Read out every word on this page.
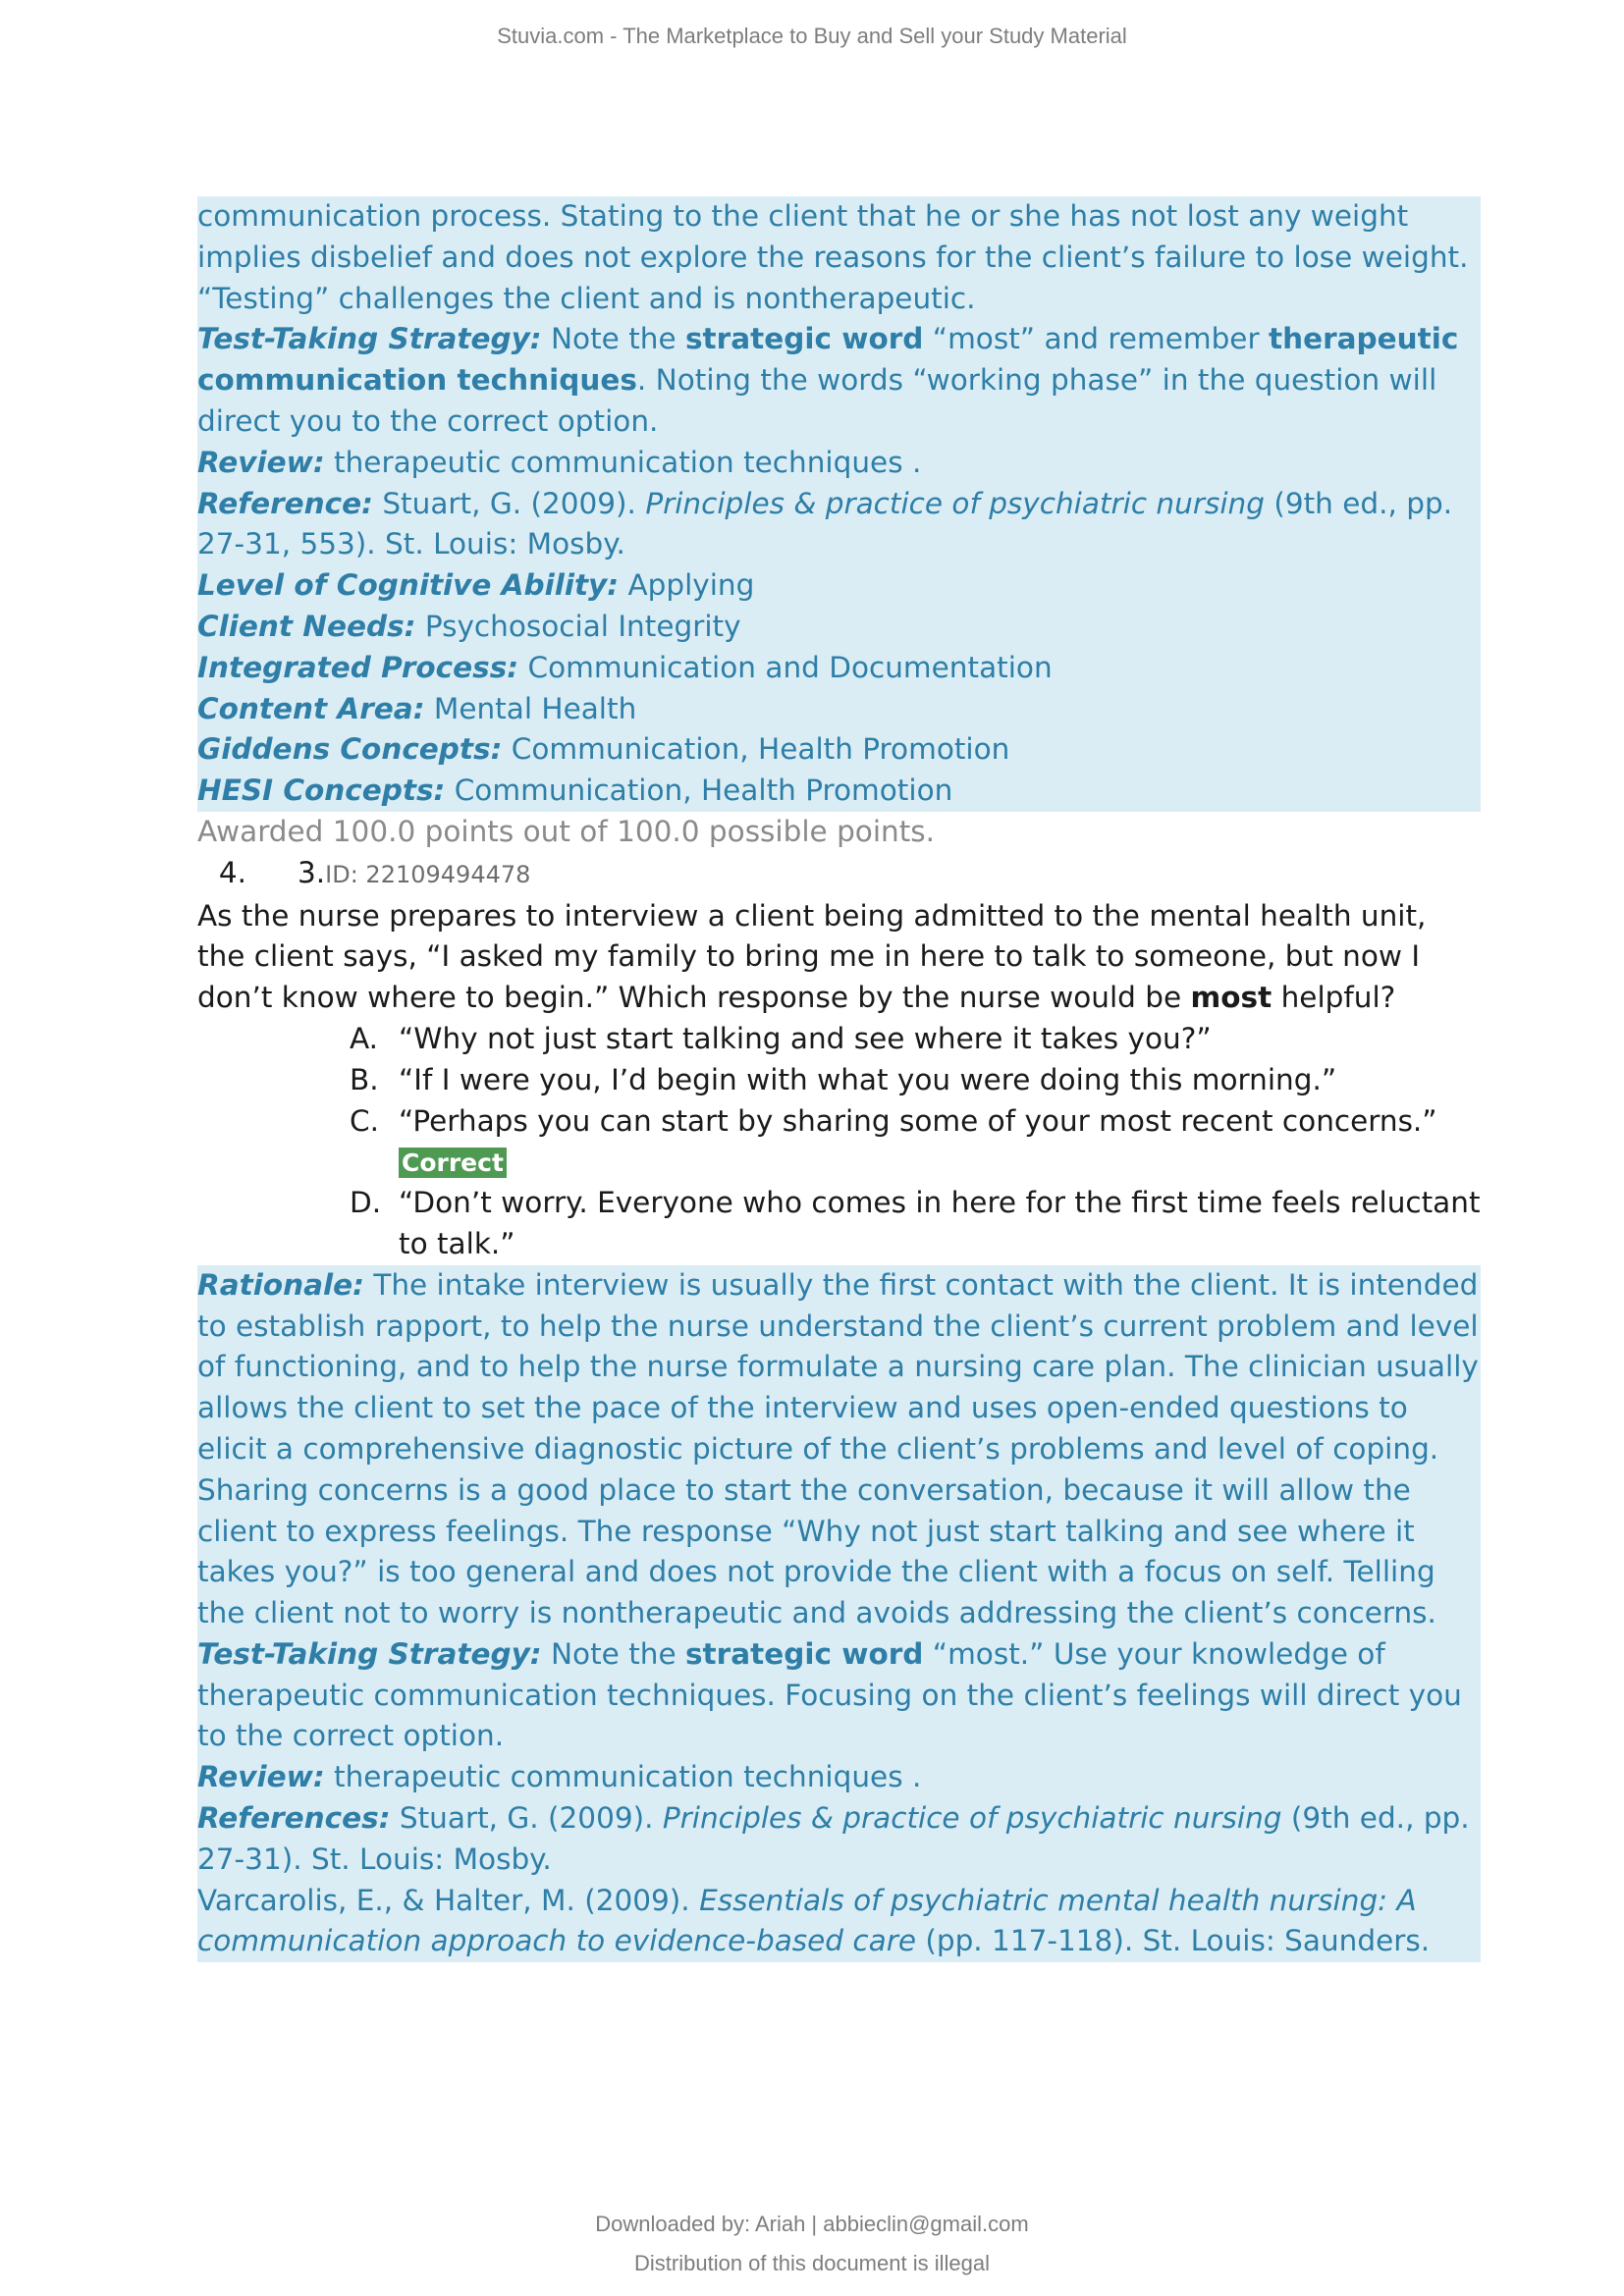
Stuvia.com - The Marketplace to Buy and Sell your Study Material

communication process. Stating to the client that he or she has not lost any weight implies disbelief and does not explore the reasons for the client’s failure to lose weight. “Testing” challenges the client and is nontherapeutic.

Test-Taking Strategy: Note the strategic word “most” and remember therapeutic communication techniques. Noting the words “working phase” in the question will direct you to the correct option.

Review: therapeutic communication techniques .

Reference: Stuart, G. (2009). Principles & practice of psychiatric nursing (9th ed., pp. 27-31, 553). St. Louis: Mosby.

Level of Cognitive Ability: Applying

Client Needs: Psychosocial Integrity

Integrated Process: Communication and Documentation

Content Area: Mental Health

Giddens Concepts: Communication, Health Promotion

HESI Concepts: Communication, Health Promotion

Awarded 100.0 points out of 100.0 possible points.

4. 3.ID: 22109494478

As the nurse prepares to interview a client being admitted to the mental health unit, the client says, “I asked my family to bring me in here to talk to someone, but now I don’t know where to begin.” Which response by the nurse would be most helpful?

A. “Why not just start talking and see where it takes you?”
B. “If I were you, I’d begin with what you were doing this morning.”
C. “Perhaps you can start by sharing some of your most recent concerns.” Correct
D. “Don’t worry. Everyone who comes in here for the first time feels reluctant to talk.”

Rationale: The intake interview is usually the first contact with the client. It is intended to establish rapport, to help the nurse understand the client’s current problem and level of functioning, and to help the nurse formulate a nursing care plan. The clinician usually allows the client to set the pace of the interview and uses open-ended questions to elicit a comprehensive diagnostic picture of the client’s problems and level of coping. Sharing concerns is a good place to start the conversation, because it will allow the client to express feelings. The response “Why not just start talking and see where it takes you?” is too general and does not provide the client with a focus on self. Telling the client not to worry is nontherapeutic and avoids addressing the client’s concerns.

Test-Taking Strategy: Note the strategic word “most.” Use your knowledge of therapeutic communication techniques. Focusing on the client’s feelings will direct you to the correct option.

Review: therapeutic communication techniques .

References: Stuart, G. (2009). Principles & practice of psychiatric nursing (9th ed., pp. 27-31). St. Louis: Mosby.

Varcarolis, E., & Halter, M. (2009). Essentials of psychiatric mental health nursing: A communication approach to evidence-based care (pp. 117-118). St. Louis: Saunders.

Downloaded by: Ariah | abbieclin@gmail.com
Distribution of this document is illegal
